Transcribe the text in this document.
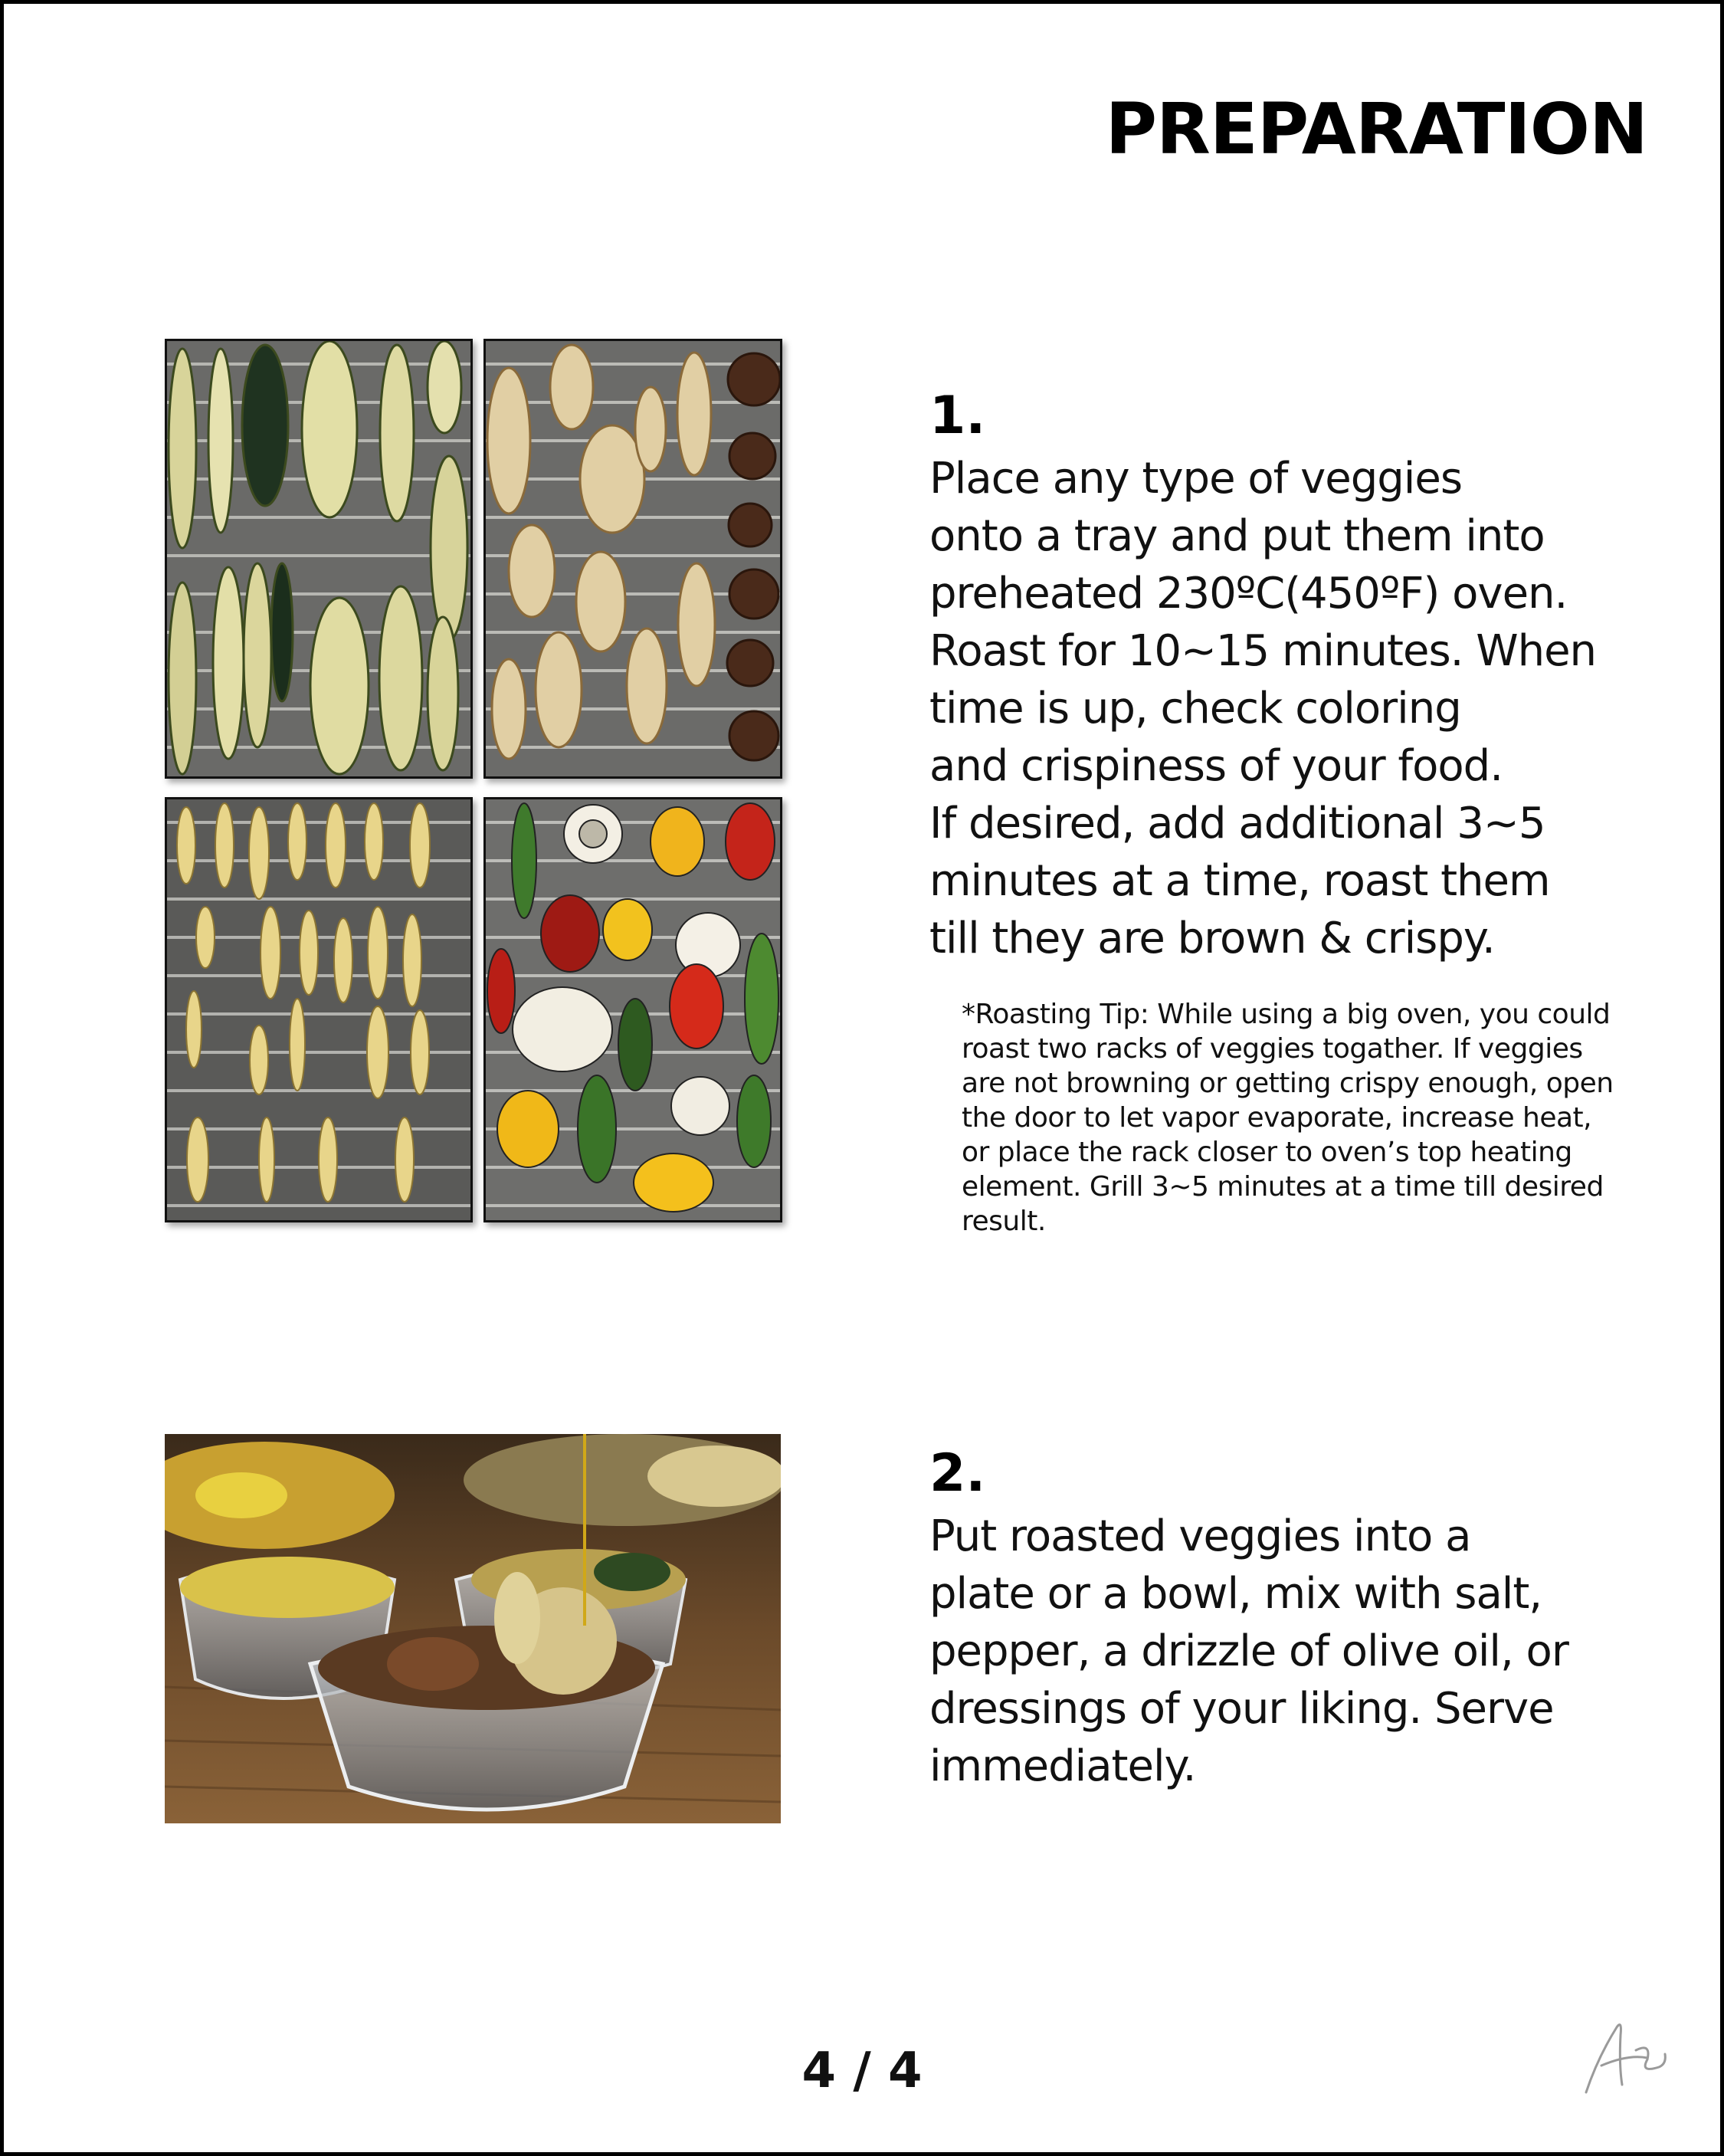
PREPARATION
1.

Place any type of veggies
onto a tray and put them into
preheated 230ºC(450ºF) oven.
Roast for 10~15 minutes. When
time is up, check coloring
and crispiness of your food.
If desired, add additional 3~5
minutes at a time, roast them
till they are brown & crispy.

*Roasting Tip: While using a big oven, you could
roast two racks of veggies togather. If veggies
are not browning or getting crispy enough, open
the door to let vapor evaporate, increase heat,
or place the rack closer to oven’s top heating
element. Grill 3~5 minutes at a time till desired
result.

2.

Put roasted veggies into a
plate or a bowl, mix with salt,
pepper, a drizzle of olive oil, or
dressings of your liking. Serve
immediately.

4 / 4
